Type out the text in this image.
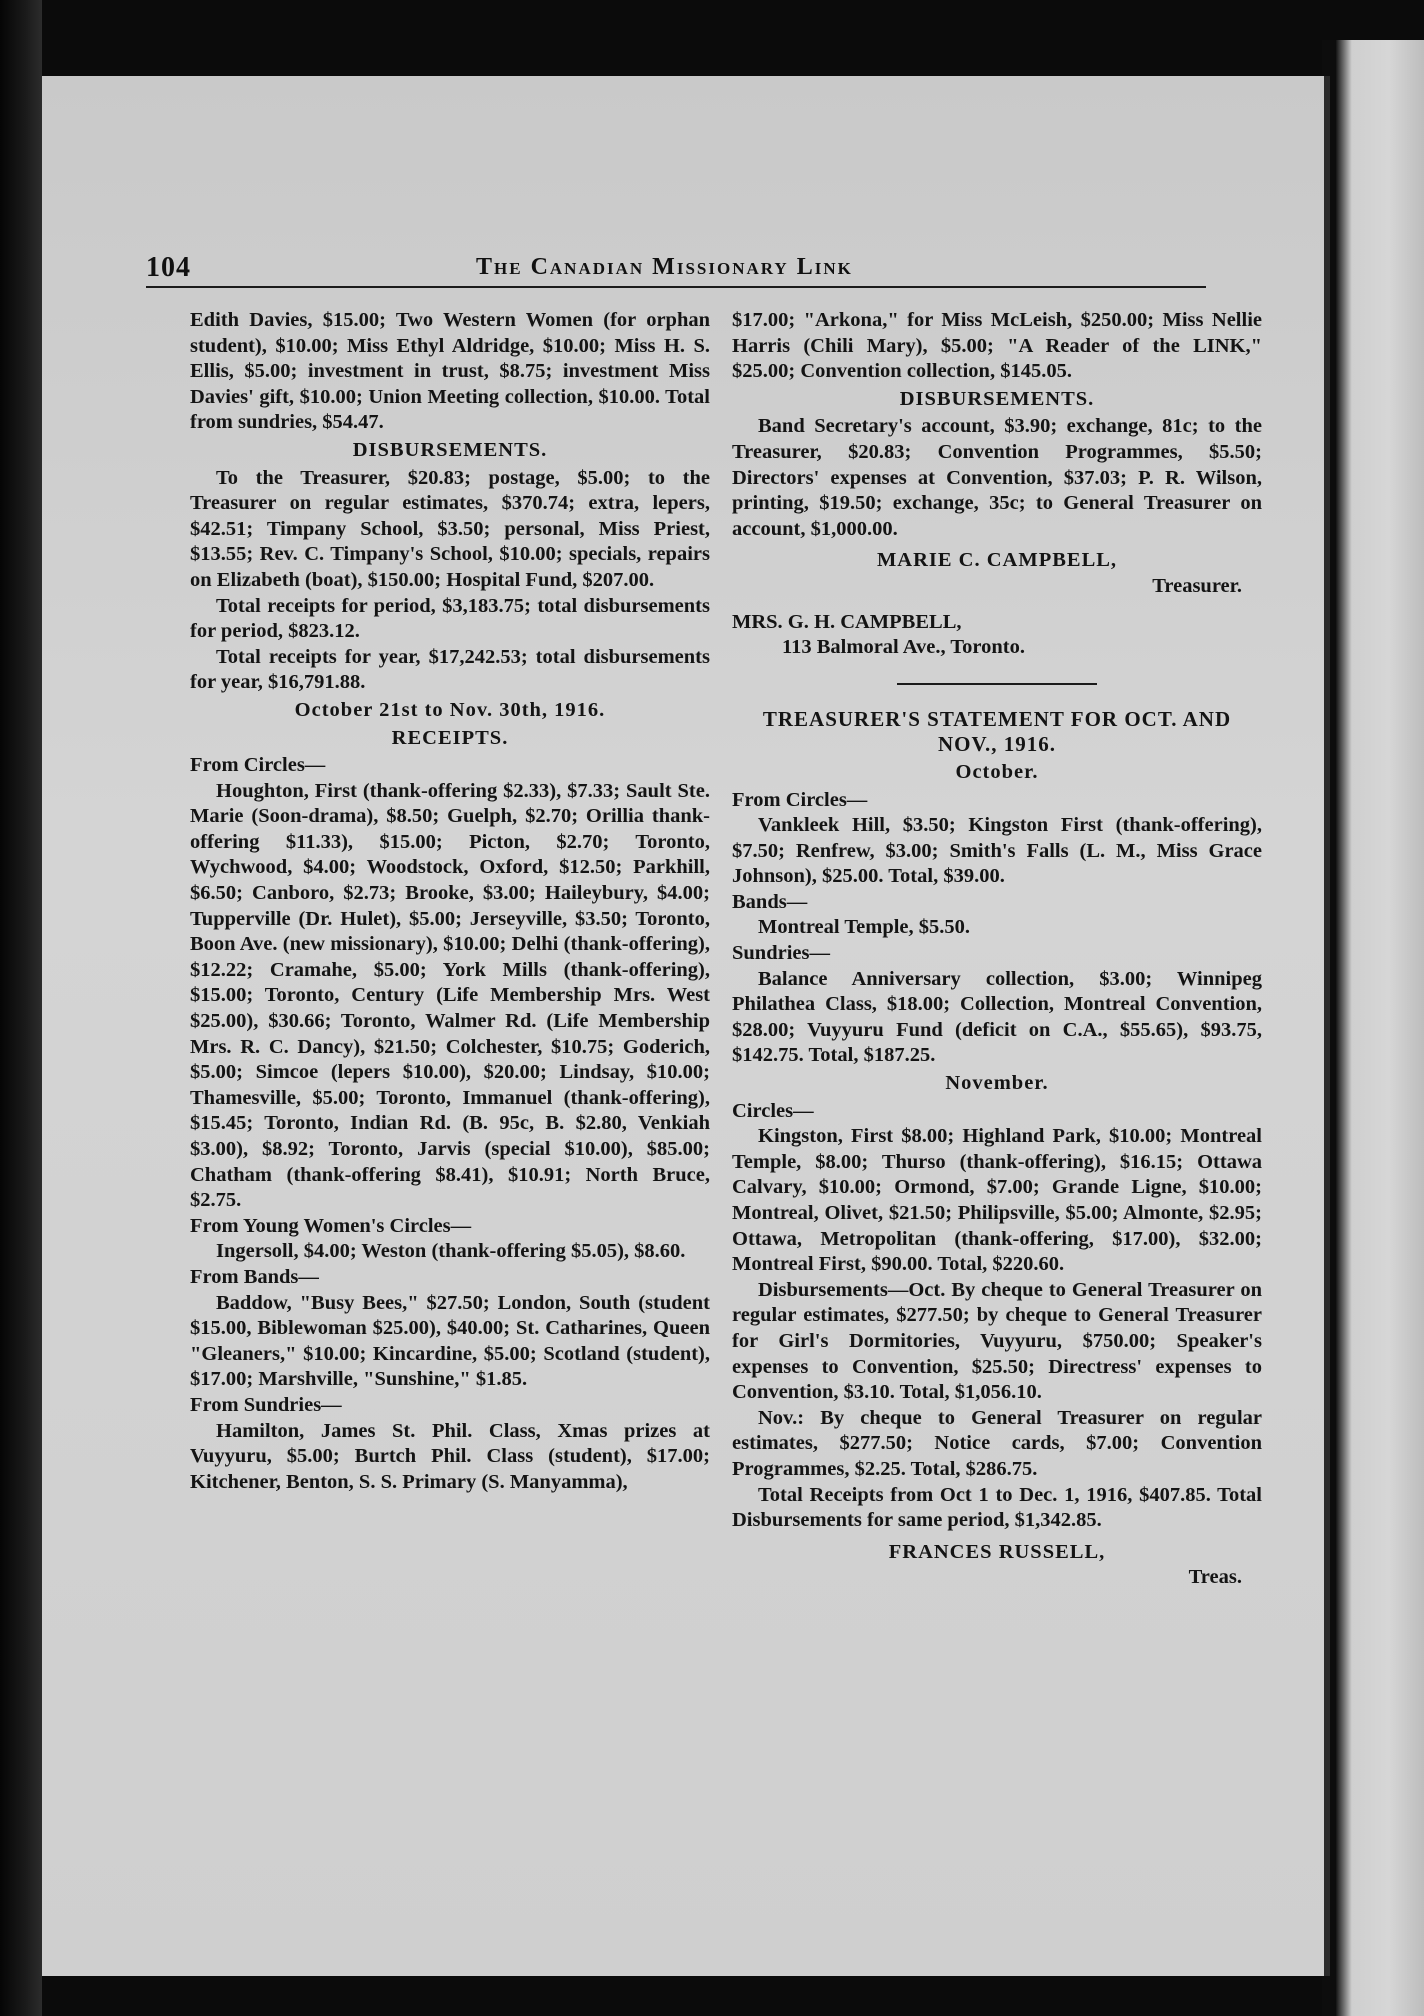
104	The Canadian Missionary Link

Edith Davies, $15.00; Two Western Women (for orphan student), $10.00; Miss Ethyl Aldridge, $10.00; Miss H. S. Ellis, $5.00; investment in trust, $8.75; investment Miss Davies' gift, $10.00; Union Meeting collection, $10.00. Total from sundries, $54.47.

DISBURSEMENTS.

To the Treasurer, $20.83; postage, $5.00; to the Treasurer on regular estimates, $370.74; extra, lepers, $42.51; Timpany School, $3.50; personal, Miss Priest, $13.55; Rev. C. Timpany's School, $10.00; specials, repairs on Elizabeth (boat), $150.00; Hospital Fund, $207.00.

Total receipts for period, $3,183.75; total disbursements for period, $823.12.

Total receipts for year, $17,242.53; total disbursements for year, $16,791.88.

October 21st to Nov. 30th, 1916.

RECEIPTS.

From Circles—

Houghton, First (thank-offering $2.33), $7.33; Sault Ste. Marie (Soon-drama), $8.50; Guelph, $2.70; Orillia thank-offering $11.33), $15.00; Picton, $2.70; Toronto, Wychwood, $4.00; Woodstock, Oxford, $12.50; Parkhill, $6.50; Canboro, $2.73; Brooke, $3.00; Haileybury, $4.00; Tupperville (Dr. Hulet), $5.00; Jerseyville, $3.50; Toronto, Boon Ave. (new missionary), $10.00; Delhi (thank-offering), $12.22; Cramahe, $5.00; York Mills (thank-offering), $15.00; Toronto, Century (Life Membership Mrs. West $25.00), $30.66; Toronto, Walmer Rd. (Life Membership Mrs. R. C. Dancy), $21.50; Colchester, $10.75; Goderich, $5.00; Simcoe (lepers $10.00), $20.00; Lindsay, $10.00; Thamesville, $5.00; Toronto, Immanuel (thank-offering), $15.45; Toronto, Indian Rd. (B. 95c, B. $2.80, Venkiah $3.00), $8.92; Toronto, Jarvis (special $10.00), $85.00; Chatham (thank-offering $8.41), $10.91; North Bruce, $2.75.

From Young Women's Circles—

Ingersoll, $4.00; Weston (thank-offering $5.05), $8.60.

From Bands—

Baddow, "Busy Bees," $27.50; London, South (student $15.00, Biblewoman $25.00), $40.00; St. Catharines, Queen "Gleaners," $10.00; Kincardine, $5.00; Scotland (student), $17.00; Marshville, "Sunshine," $1.85.

From Sundries—

Hamilton, James St. Phil. Class, Xmas prizes at Vuyyuru, $5.00; Burtch Phil. Class (student), $17.00; Kitchener, Benton, S. S. Primary (S. Manyamma),

$17.00; "Arkona," for Miss McLeish, $250.00; Miss Nellie Harris (Chili Mary), $5.00; "A Reader of the LINK," $25.00; Convention collection, $145.05.

DISBURSEMENTS.

Band Secretary's account, $3.90; exchange, 81c; to the Treasurer, $20.83; Convention Programmes, $5.50; Directors' expenses at Convention, $37.03; P. R. Wilson, printing, $19.50; exchange, 35c; to General Treasurer on account, $1,000.00.

MARIE C. CAMPBELL,

Treasurer.

MRS. G. H. CAMPBELL,

113 Balmoral Ave., Toronto.

TREASURER'S STATEMENT FOR OCT. AND NOV., 1916.

October.

From Circles—

Vankleek Hill, $3.50; Kingston First (thank-offering), $7.50; Renfrew, $3.00; Smith's Falls (L. M., Miss Grace Johnson), $25.00. Total, $39.00.

Bands—

Montreal Temple, $5.50.

Sundries—

Balance Anniversary collection, $3.00; Winnipeg Philathea Class, $18.00; Collection, Montreal Convention, $28.00; Vuyyuru Fund (deficit on C.A., $55.65), $93.75, $142.75. Total, $187.25.

November.

Circles—

Kingston, First $8.00; Highland Park, $10.00; Montreal Temple, $8.00; Thurso (thank-offering), $16.15; Ottawa Calvary, $10.00; Ormond, $7.00; Grande Ligne, $10.00; Montreal, Olivet, $21.50; Philipsville, $5.00; Almonte, $2.95; Ottawa, Metropolitan (thank-offering, $17.00), $32.00; Montreal First, $90.00. Total, $220.60.

Disbursements—Oct. By cheque to General Treasurer on regular estimates, $277.50; by cheque to General Treasurer for Girl's Dormitories, Vuyyuru, $750.00; Speaker's expenses to Convention, $25.50; Directress' expenses to Convention, $3.10. Total, $1,056.10.

Nov.: By cheque to General Treasurer on regular estimates, $277.50; Notice cards, $7.00; Convention Programmes, $2.25. Total, $286.75.

Total Receipts from Oct 1 to Dec. 1, 1916, $407.85. Total Disbursements for same period, $1,342.85.

FRANCES RUSSELL,

Treas.
